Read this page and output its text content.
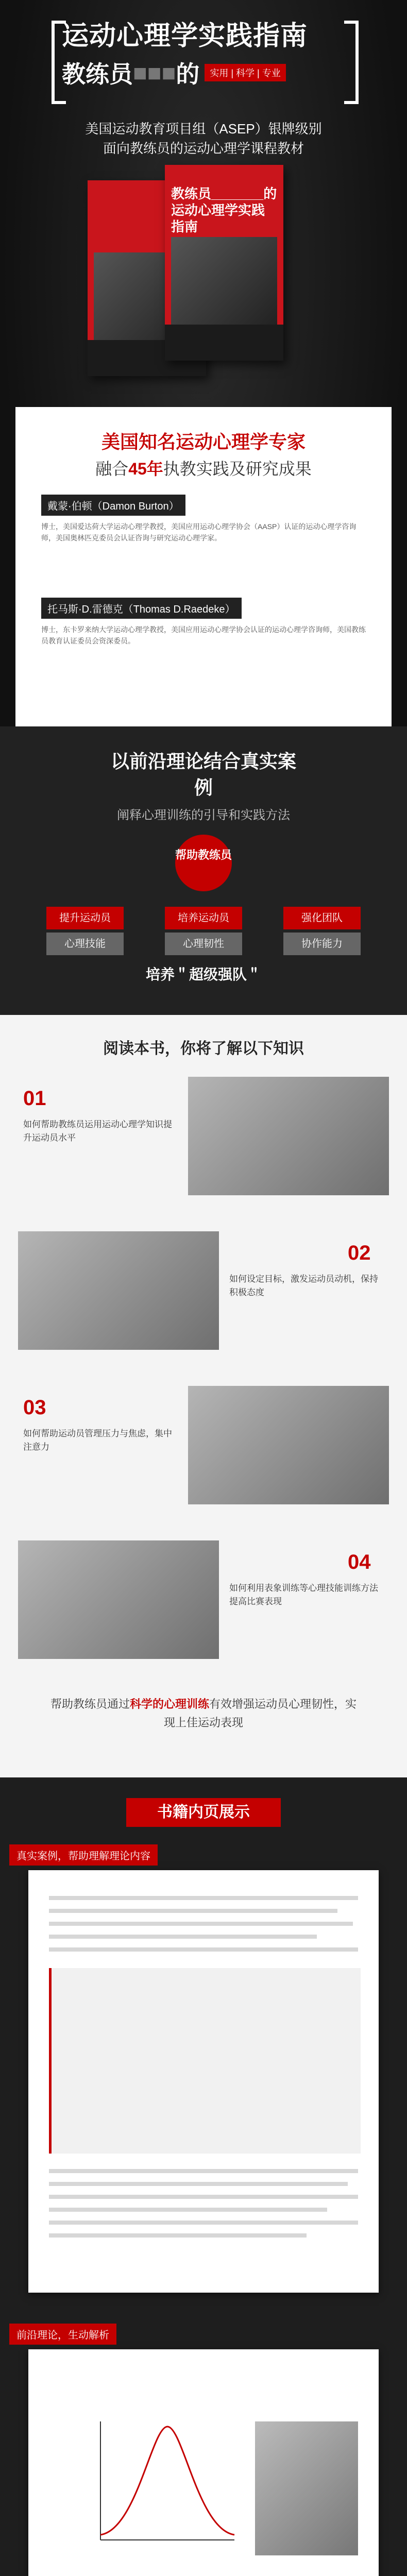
运动心理学实践指南
教练员 ■■■ 的	实用 | 科学 | 专业
美国运动教育项目组（ASEP）银牌级别
面向教练员的运动心理学课程教材
教练员_______的运动心理学实践指南
美国知名运动心理学专家
融合45年执教实践及研究成果
戴蒙·伯顿（Damon Burton）

博士，美国爱达荷大学运动心理学教授，美国应用运动心理学协会（AASP）认证的运动心理学咨询师，美国奥林匹克委员会认证咨询与研究运动心理学家。

托马斯·D.雷德克（Thomas D.Raedeke）

博士，东卡罗来纳大学运动心理学教授，美国应用运动心理学协会认证的运动心理学咨询师，美国教练员教育认证委员会资深委员。

以前沿理论结合真实案例
阐释心理训练的引导和实践方法
帮助教练员
提升运动员	培养运动员	强化团队
心理技能	心理韧性	协作能力
培养＂超级强队＂
阅读本书，你将了解以下知识
01
如何帮助教练员运用运动心理学知识提升运动员水平
02
如何设定目标，激发运动员动机，保持积极态度
03
如何帮助运动员管理压力与焦虑，集中注意力
04
如何利用表象训练等心理技能训练方法提高比赛表现
帮助教练员通过科学的心理训练有效增强运动员心理韧性，实现上佳运动表现
书籍内页展示
真实案例，帮助理解理论内容
前沿理论，生动解析
